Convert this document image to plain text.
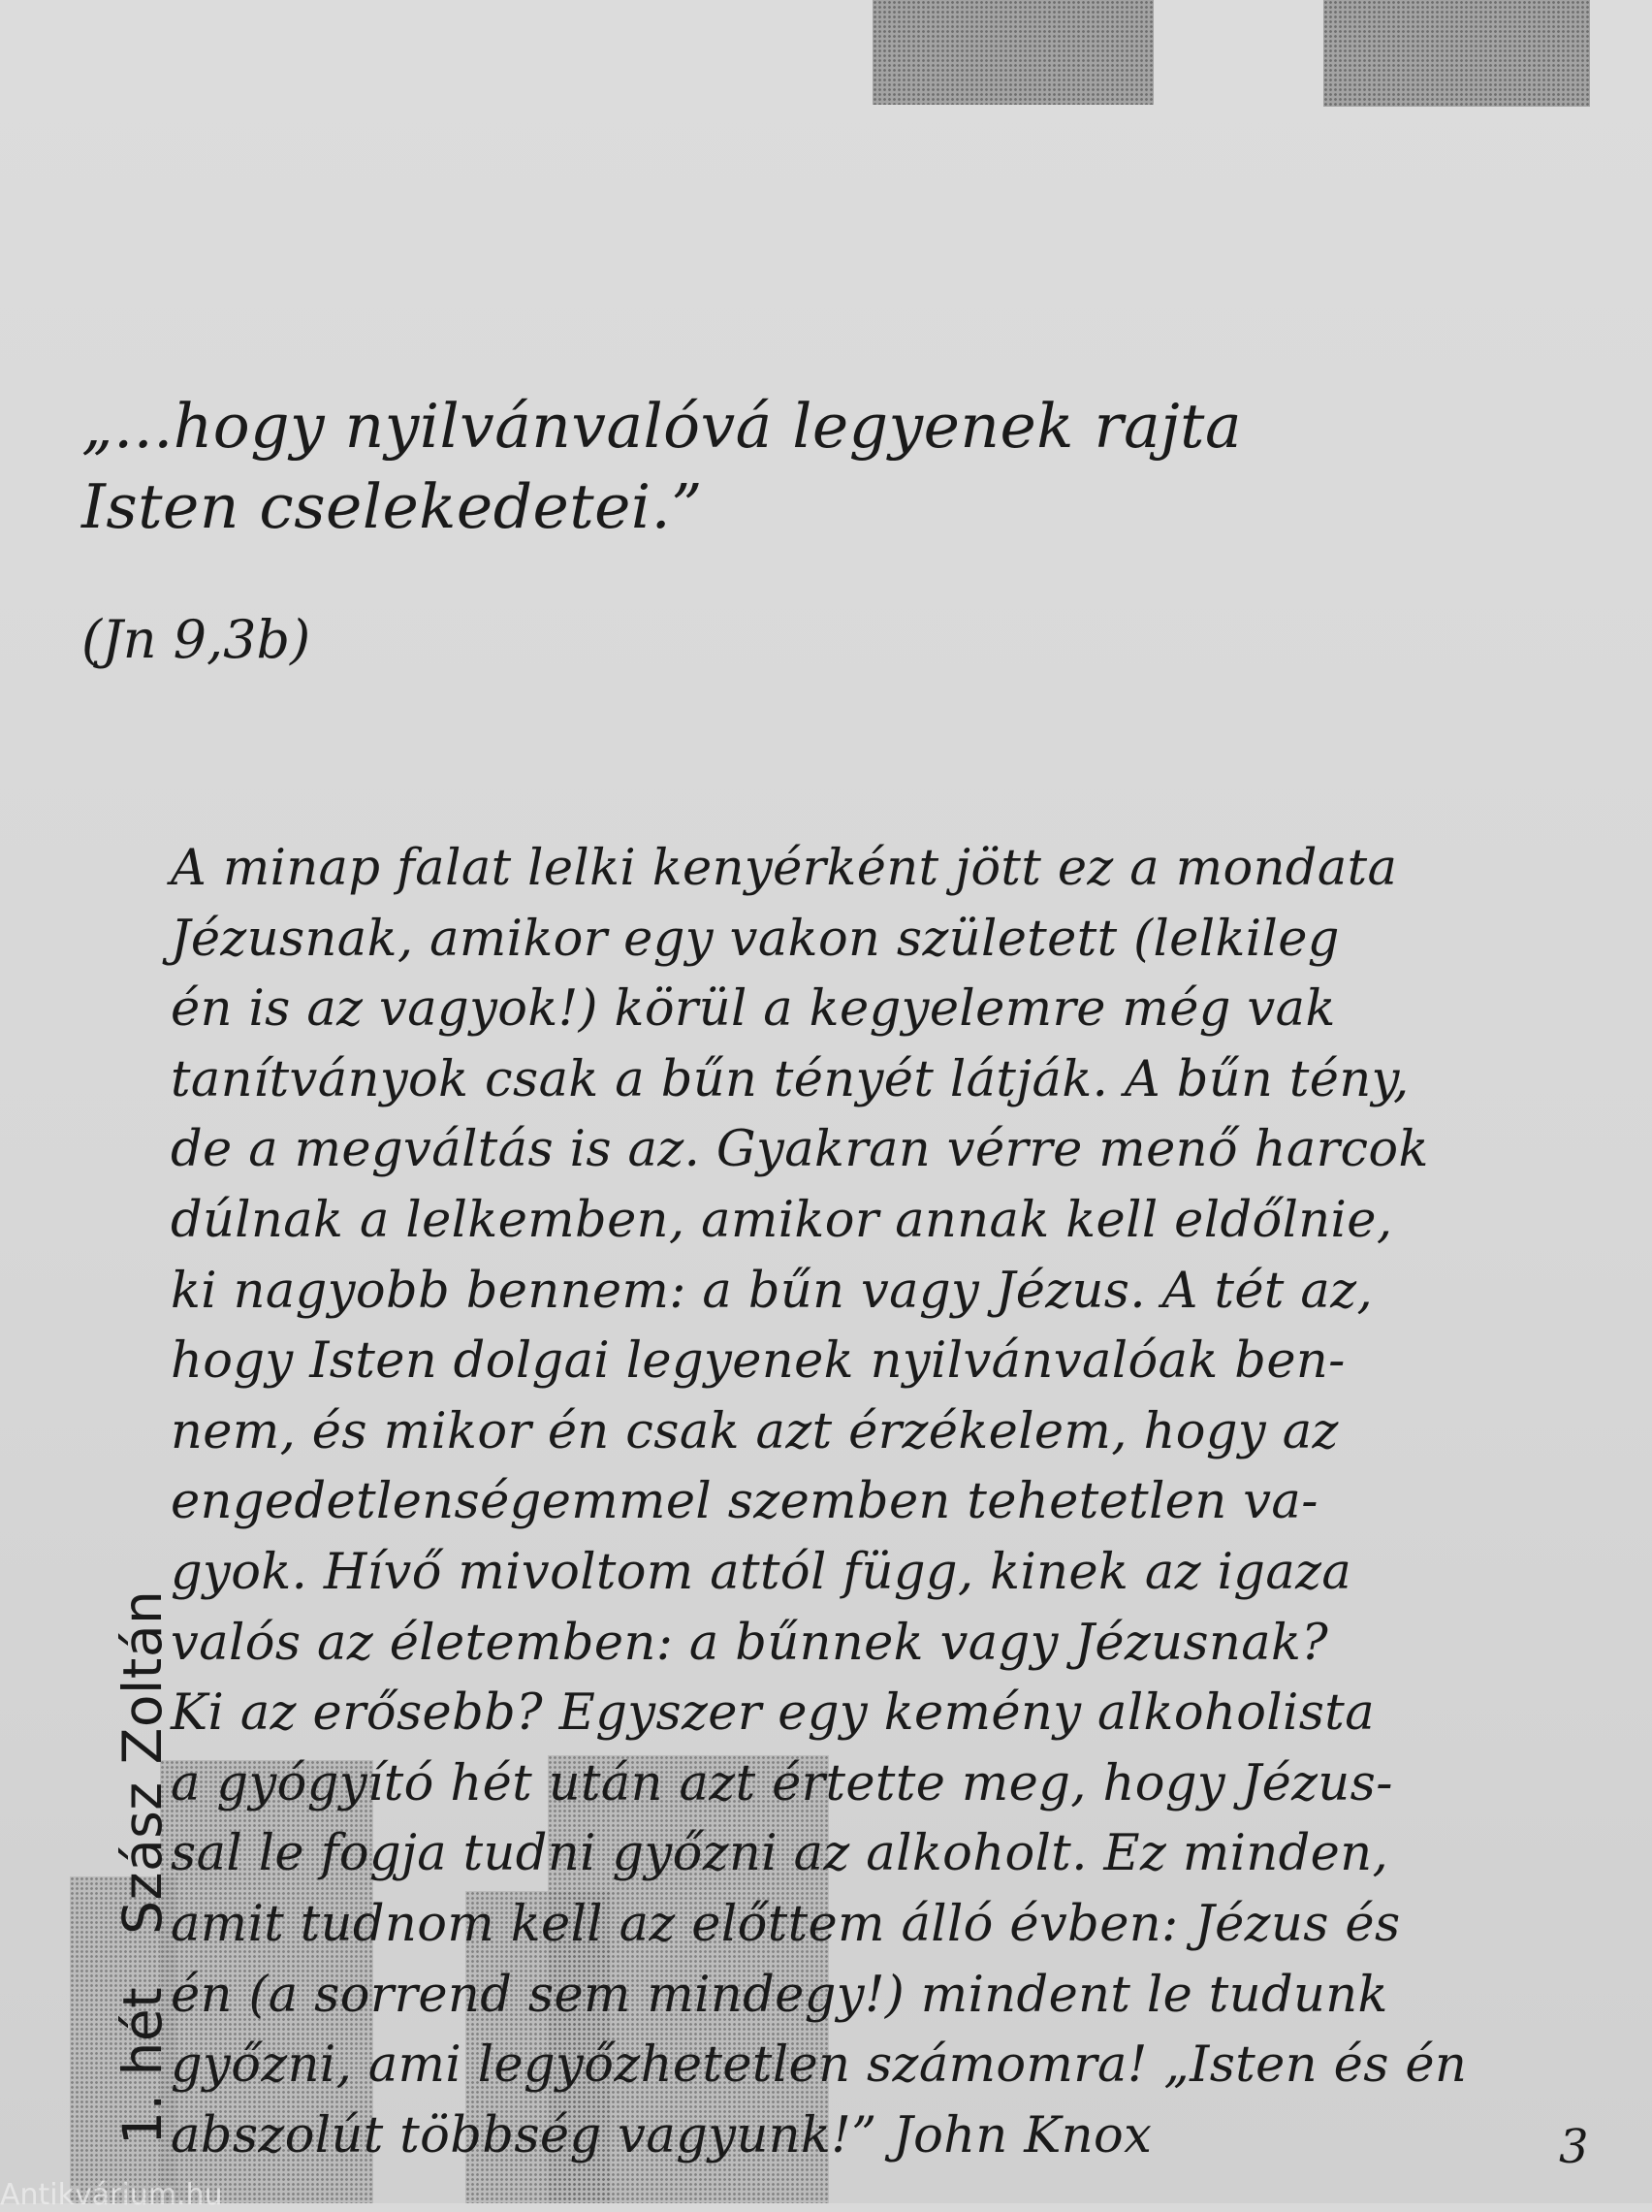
„...hogy nyilvánvalóvá legyenek rajta
Isten cselekedetei.”
(Jn 9,3b)
A minap falat lelki kenyérként jött ez a mondata
Jézusnak, amikor egy vakon született (lelkileg
én is az vagyok!) körül a kegyelemre még vak
tanítványok csak a bűn tényét látják. A bűn tény,
de a megváltás is az. Gyakran vérre menő harcok
dúlnak a lelkemben, amikor annak kell eldőlnie,
ki nagyobb bennem: a bűn vagy Jézus. A tét az,
hogy Isten dolgai legyenek nyilvánvalóak ben-
nem, és mikor én csak azt érzékelem, hogy az
engedetlenségemmel szemben tehetetlen va-
gyok. Hívő mivoltom attól függ, kinek az igaza
valós az életemben: a bűnnek vagy Jézusnak?
Ki az erősebb? Egyszer egy kemény alkoholista
a gyógyító hét után azt értette meg, hogy Jézus-
sal le fogja tudni győzni az alkoholt. Ez minden,
amit tudnom kell az előttem álló évben: Jézus és
én (a sorrend sem mindegy!) mindent le tudunk
győzni, ami legyőzhetetlen számomra! „Isten és én
abszolút többség vagyunk!” John Knox
1. hét   Szász Zoltán
3
Antikvárium.hu
